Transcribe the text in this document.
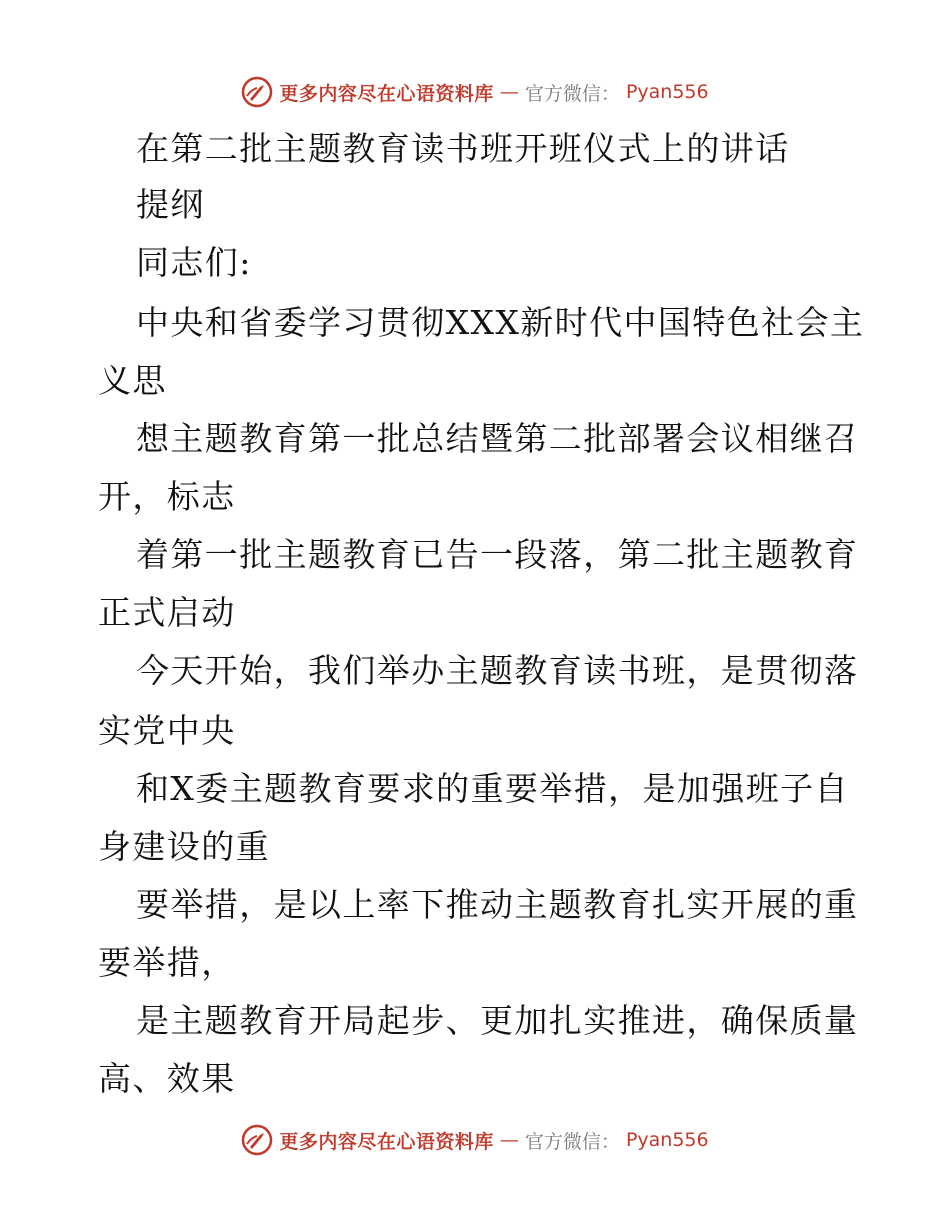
更多内容尽在心语资料库 — 官方微信： Pyan556
在第二批主题教育读书班开班仪式上的讲话
提纲
同志们:
中央和省委学习贯彻XXX新时代中国特色社会主
义思
想主题教育第一批总结暨第二批部署会议相继召
开，标志
着第一批主题教育已告一段落，第二批主题教育
正式启动
今天开始，我们举办主题教育读书班，是贯彻落
实党中央
和X委主题教育要求的重要举措，是加强班子自
身建设的重
要举措，是以上率下推动主题教育扎实开展的重
要举措，
是主题教育开局起步、更加扎实推进，确保质量
高、效果
更多内容尽在心语资料库 — 官方微信： Pyan556
